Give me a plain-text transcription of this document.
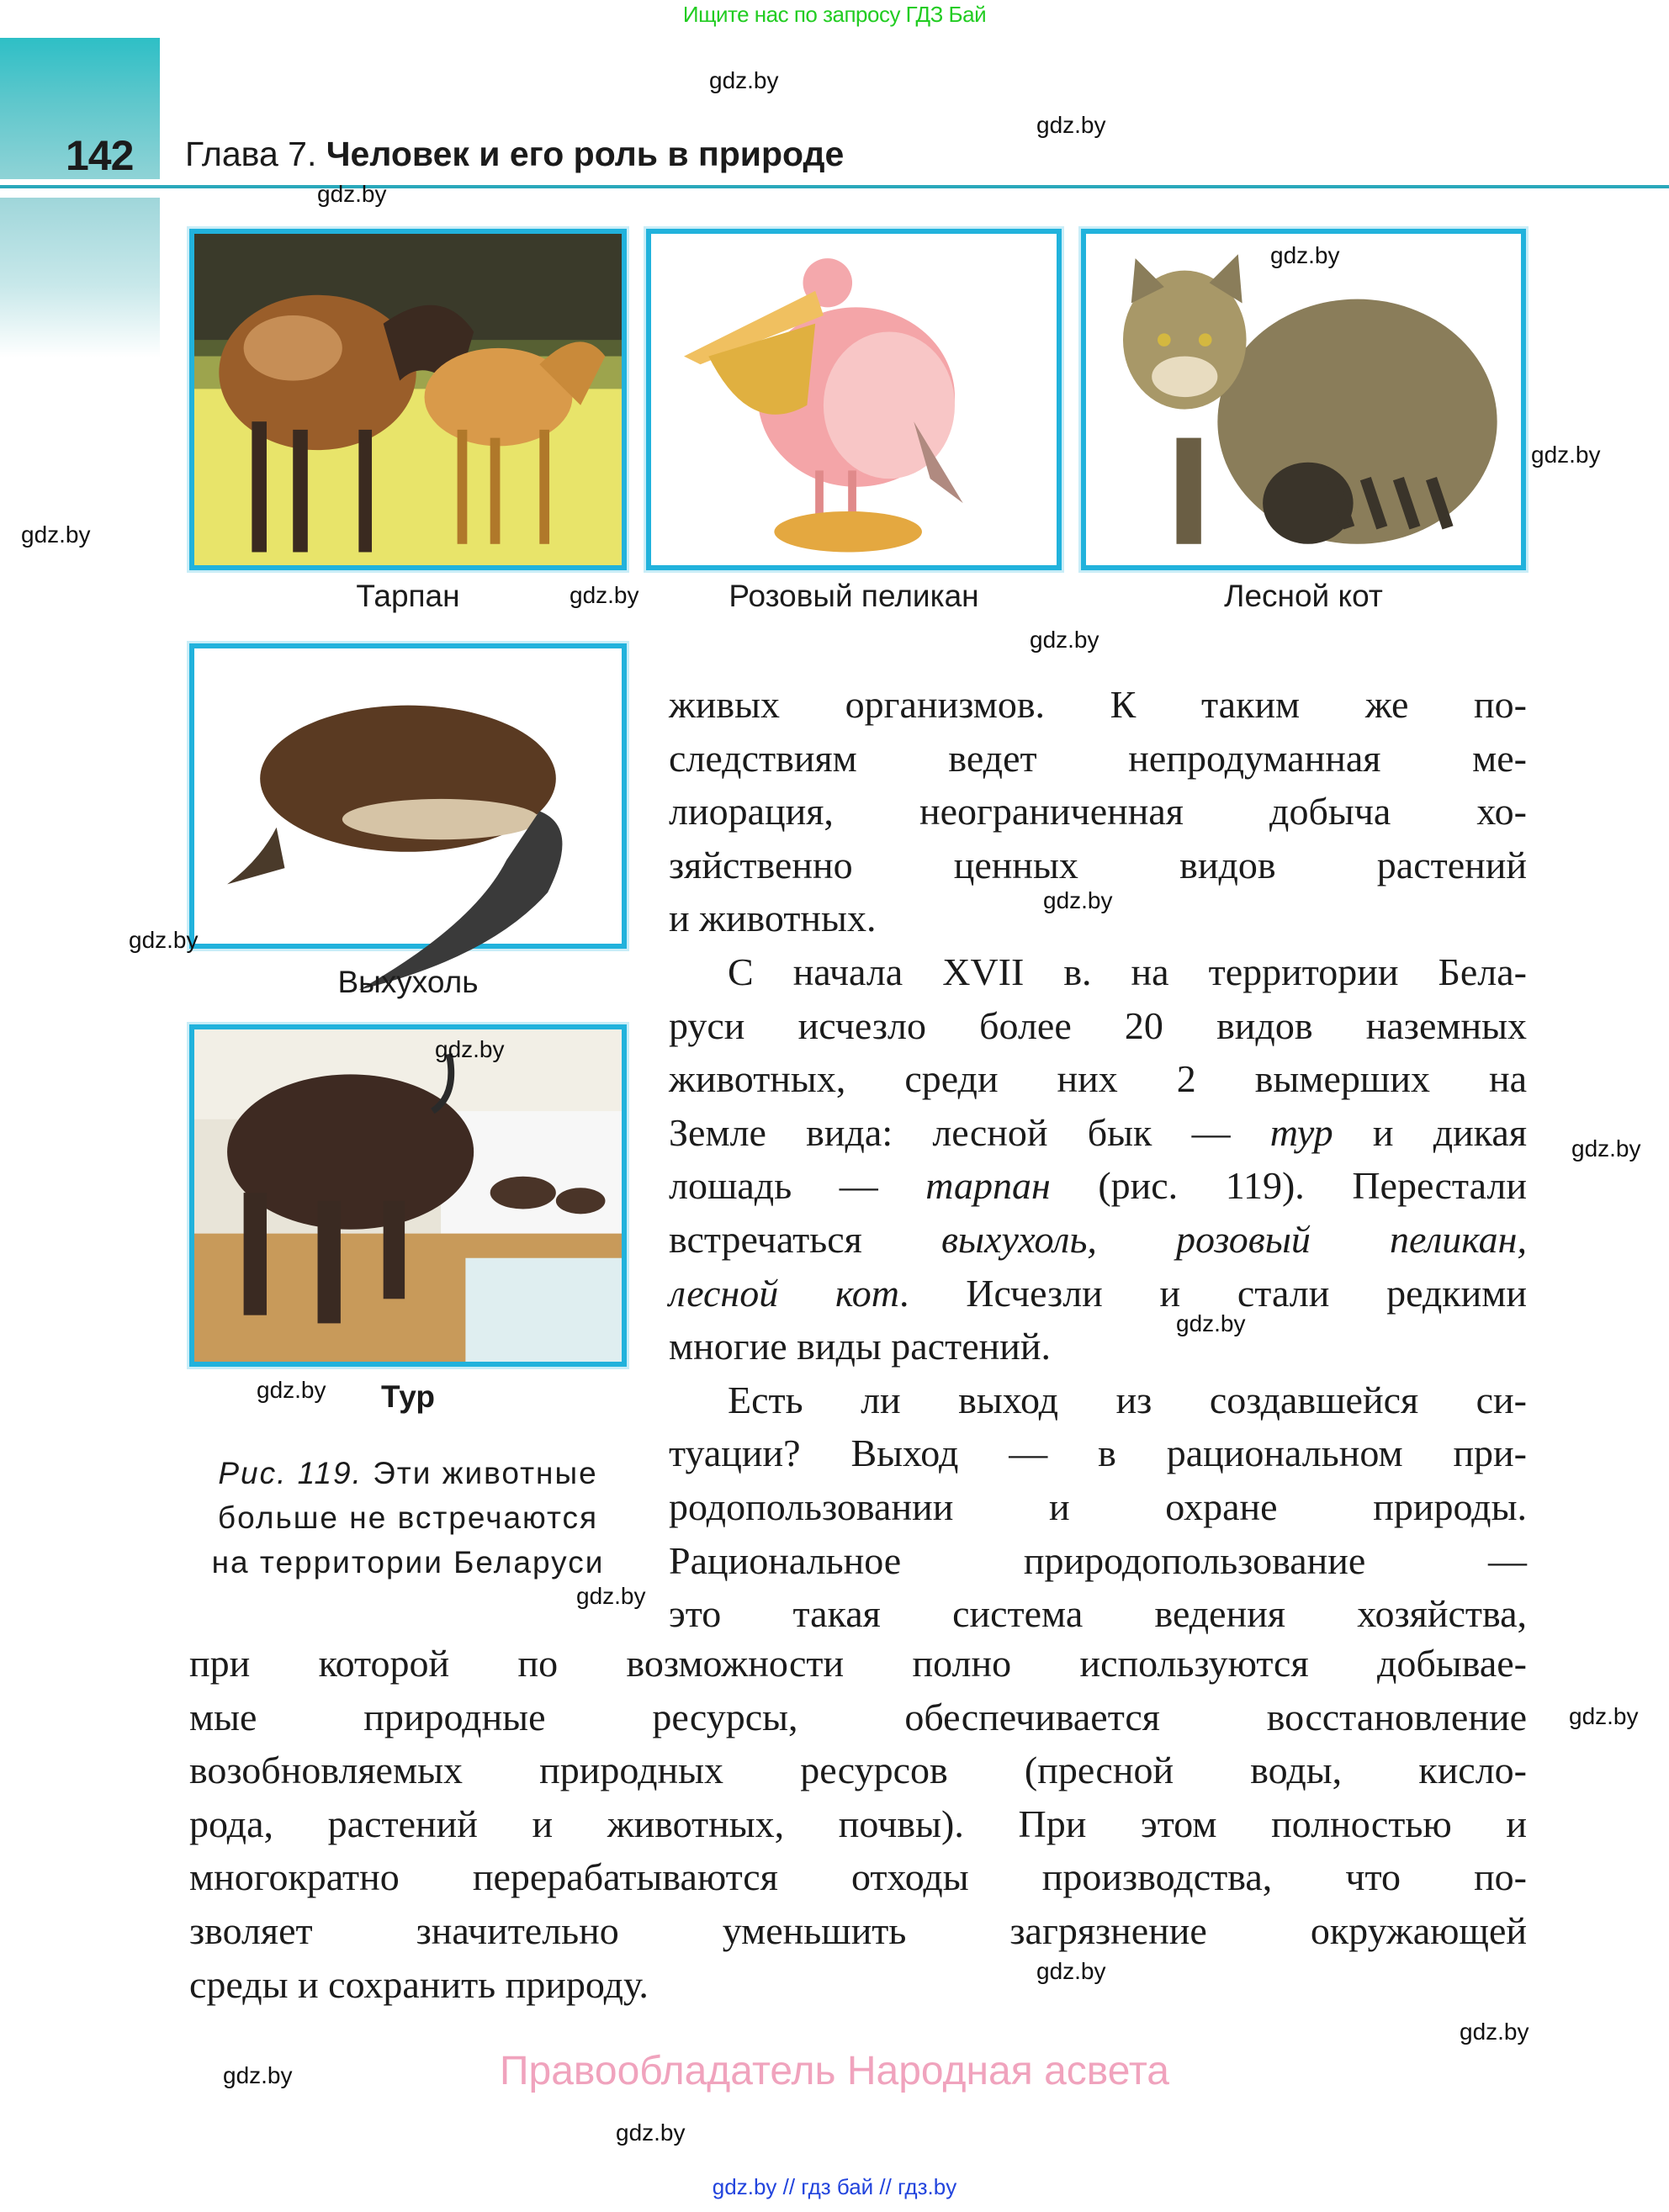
Ищите нас по запросу ГДЗ Бай
142 Глава 7. Человек и его роль в природе
Тарпан	Розовый пеликан	Лесной кот
Выхухоль
Тур
Рис. 119. Эти животные
больше не встречаются
на территории Беларуси
живых организмов. К таким же по-
следствиям ведет непродуманная ме-
лиорация, неограниченная добыча хо-
зяйственно ценных видов растений
и животных.
С начала XVII в. на территории Бела-
руси исчезло более 20 видов наземных
животных, среди них 2 вымерших на
Земле вида: лесной бык — тур и дикая
лошадь — тарпан (рис. 119). Перестали
встречаться выхухоль, розовый пеликан,
лесной кот. Исчезли и стали редкими
многие виды растений.
Есть ли выход из создавшейся си-
туации? Выход — в рациональном при-
родопользовании и охране природы.
Рациональное природопользование —
это такая система ведения хозяйства,
при которой по возможности полно используются добывае-
мые природные ресурсы, обеспечивается восстановление
возобновляемых природных ресурсов (пресной воды, кисло-
рода, растений и животных, почвы). При этом полностью и
многократно перерабатываются отходы производства, что по-
зволяет значительно уменьшить загрязнение окружающей
среды и сохранить природу.
gdz.by
gdz.by
gdz.by
gdz.by
gdz.by
gdz.by
gdz.by
gdz.by
gdz.by
gdz.by
gdz.by
gdz.by
gdz.by
gdz.by
gdz.by
gdz.by
gdz.by
gdz.by
gdz.by
gdz.by
Правообладатель Народная асвета
gdz.by // гдз бай // гдз.by
